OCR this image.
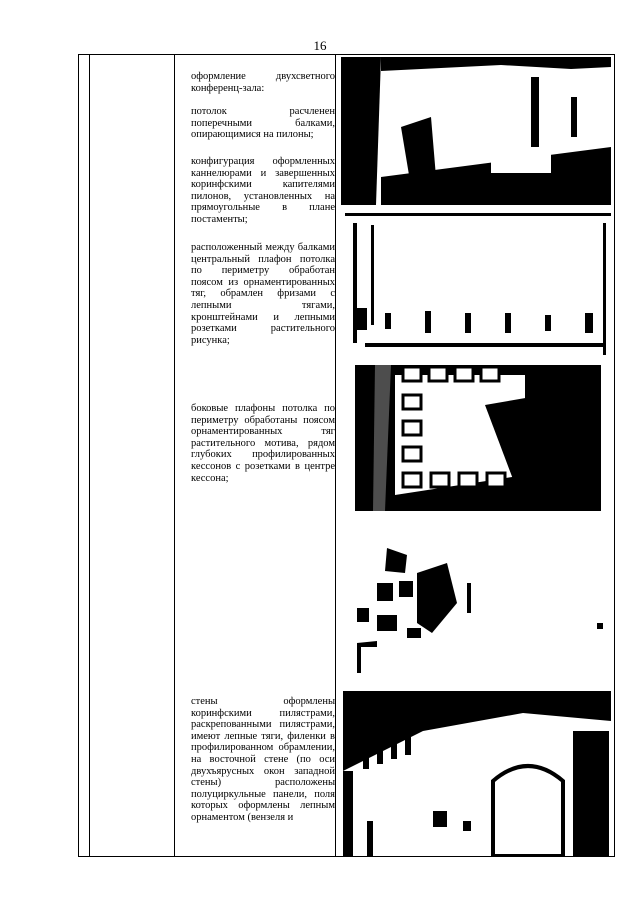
16

оформление двухсветного конференц-зала:

потолок расчленен поперечными балками, опирающимися на пилоны;

конфигурация оформленных каннелюрами и завершенных коринфскими капителями пилонов, установленных на прямоугольные в плане постаменты;

расположенный между балками центральный плафон потолка по периметру обработан поясом из орнаментированных тяг, обрамлен фризами с лепными тягами, кронштейнами и лепными розетками растительного рисунка;

боковые плафоны потолка по периметру обработаны поясом орнаментированных тяг растительного мотива, рядом глубоких профилированных кессонов с розетками в центре кессона;

стены оформлены коринфскими пилястрами, раскрепованными пилястрами, имеют лепные тяги, филенки в профилированном обрамлении, на восточной стене (по оси двухъярусных окон западной стены) расположены полуциркульные панели, поля которых оформлены лепным орнаментом (вензеля и
